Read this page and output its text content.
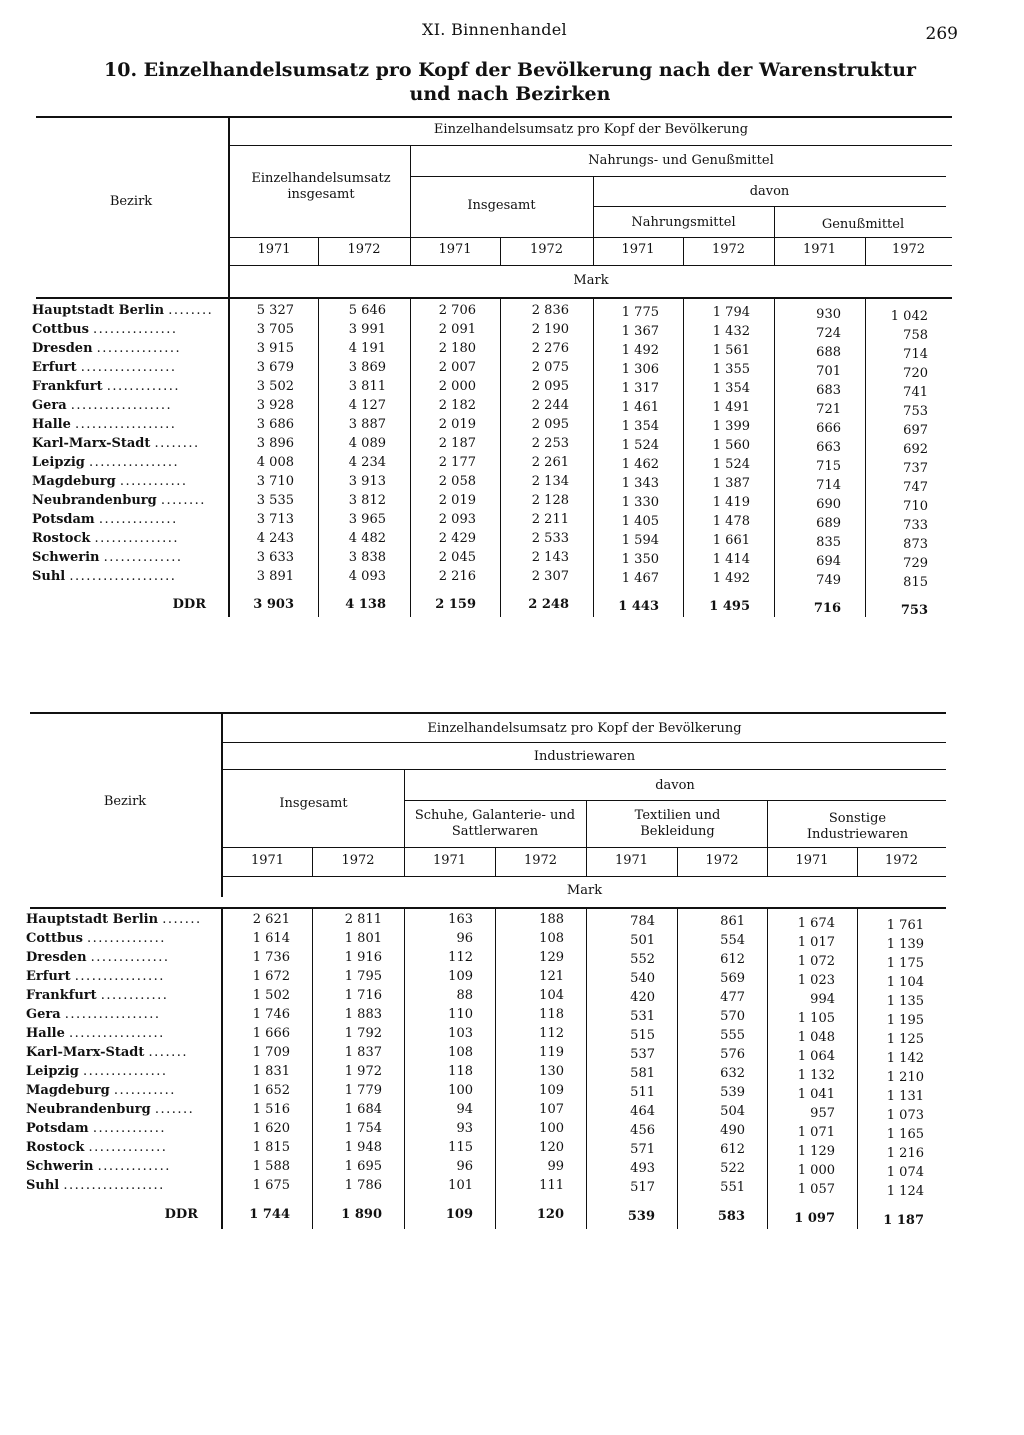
XI. Binnenhandel	269
10. Einzelhandelsumsatz pro Kopf der Bevölkerung nach der Warenstruktur
und nach Bezirken
Bezirk
Einzelhandelsumsatz pro Kopf der Bevölkerung
Einzelhandelsumsatz insgesamt
Nahrungs- und Genußmittel
Insgesamt
davon
Nahrungsmittel	Genußmittel
Mark
1971	1972	1971	1972	1971	1972	1971	1972
Hauptstadt Berlin ........	5 327	5 646	2 706	2 836	1 775	1 794	930	1 042
Cottbus ...............	3 705	3 991	2 091	2 190	1 367	1 432	724	758
Dresden ...............	3 915	4 191	2 180	2 276	1 492	1 561	688	714
Erfurt .................	3 679	3 869	2 007	2 075	1 306	1 355	701	720
Frankfurt .............	3 502	3 811	2 000	2 095	1 317	1 354	683	741
Gera ..................	3 928	4 127	2 182	2 244	1 461	1 491	721	753
Halle ..................	3 686	3 887	2 019	2 095	1 354	1 399	666	697
Karl-Marx-Stadt ........	3 896	4 089	2 187	2 253	1 524	1 560	663	692
Leipzig ................	4 008	4 234	2 177	2 261	1 462	1 524	715	737
Magdeburg ............	3 710	3 913	2 058	2 134	1 343	1 387	714	747
Neubrandenburg ........	3 535	3 812	2 019	2 128	1 330	1 419	690	710
Potsdam ..............	3 713	3 965	2 093	2 211	1 405	1 478	689	733
Rostock ...............	4 243	4 482	2 429	2 533	1 594	1 661	835	873
Schwerin ..............	3 633	3 838	2 045	2 143	1 350	1 414	694	729
Suhl ...................	3 891	4 093	2 216	2 307	1 467	1 492	749	815
DDR	3 903	4 138	2 159	2 248	1 443	1 495	716	753
Bezirk
Einzelhandelsumsatz pro Kopf der Bevölkerung
Industriewaren
Insgesamt
davon
Schuhe, Galanterie- und Sattlerwaren
Textilien und Bekleidung
Sonstige Industriewaren
Mark
1971	1972	1971	1972	1971	1972	1971	1972
Hauptstadt Berlin .......	2 621	2 811	163	188	784	861	1 674	1 761
Cottbus ..............	1 614	1 801	96	108	501	554	1 017	1 139
Dresden ..............	1 736	1 916	112	129	552	612	1 072	1 175
Erfurt ................	1 672	1 795	109	121	540	569	1 023	1 104
Frankfurt ............	1 502	1 716	88	104	420	477	994	1 135
Gera .................	1 746	1 883	110	118	531	570	1 105	1 195
Halle .................	1 666	1 792	103	112	515	555	1 048	1 125
Karl-Marx-Stadt .......	1 709	1 837	108	119	537	576	1 064	1 142
Leipzig ...............	1 831	1 972	118	130	581	632	1 132	1 210
Magdeburg ...........	1 652	1 779	100	109	511	539	1 041	1 131
Neubrandenburg .......	1 516	1 684	94	107	464	504	957	1 073
Potsdam .............	1 620	1 754	93	100	456	490	1 071	1 165
Rostock ..............	1 815	1 948	115	120	571	612	1 129	1 216
Schwerin .............	1 588	1 695	96	99	493	522	1 000	1 074
Suhl ..................	1 675	1 786	101	111	517	551	1 057	1 124
DDR	1 744	1 890	109	120	539	583	1 097	1 187
